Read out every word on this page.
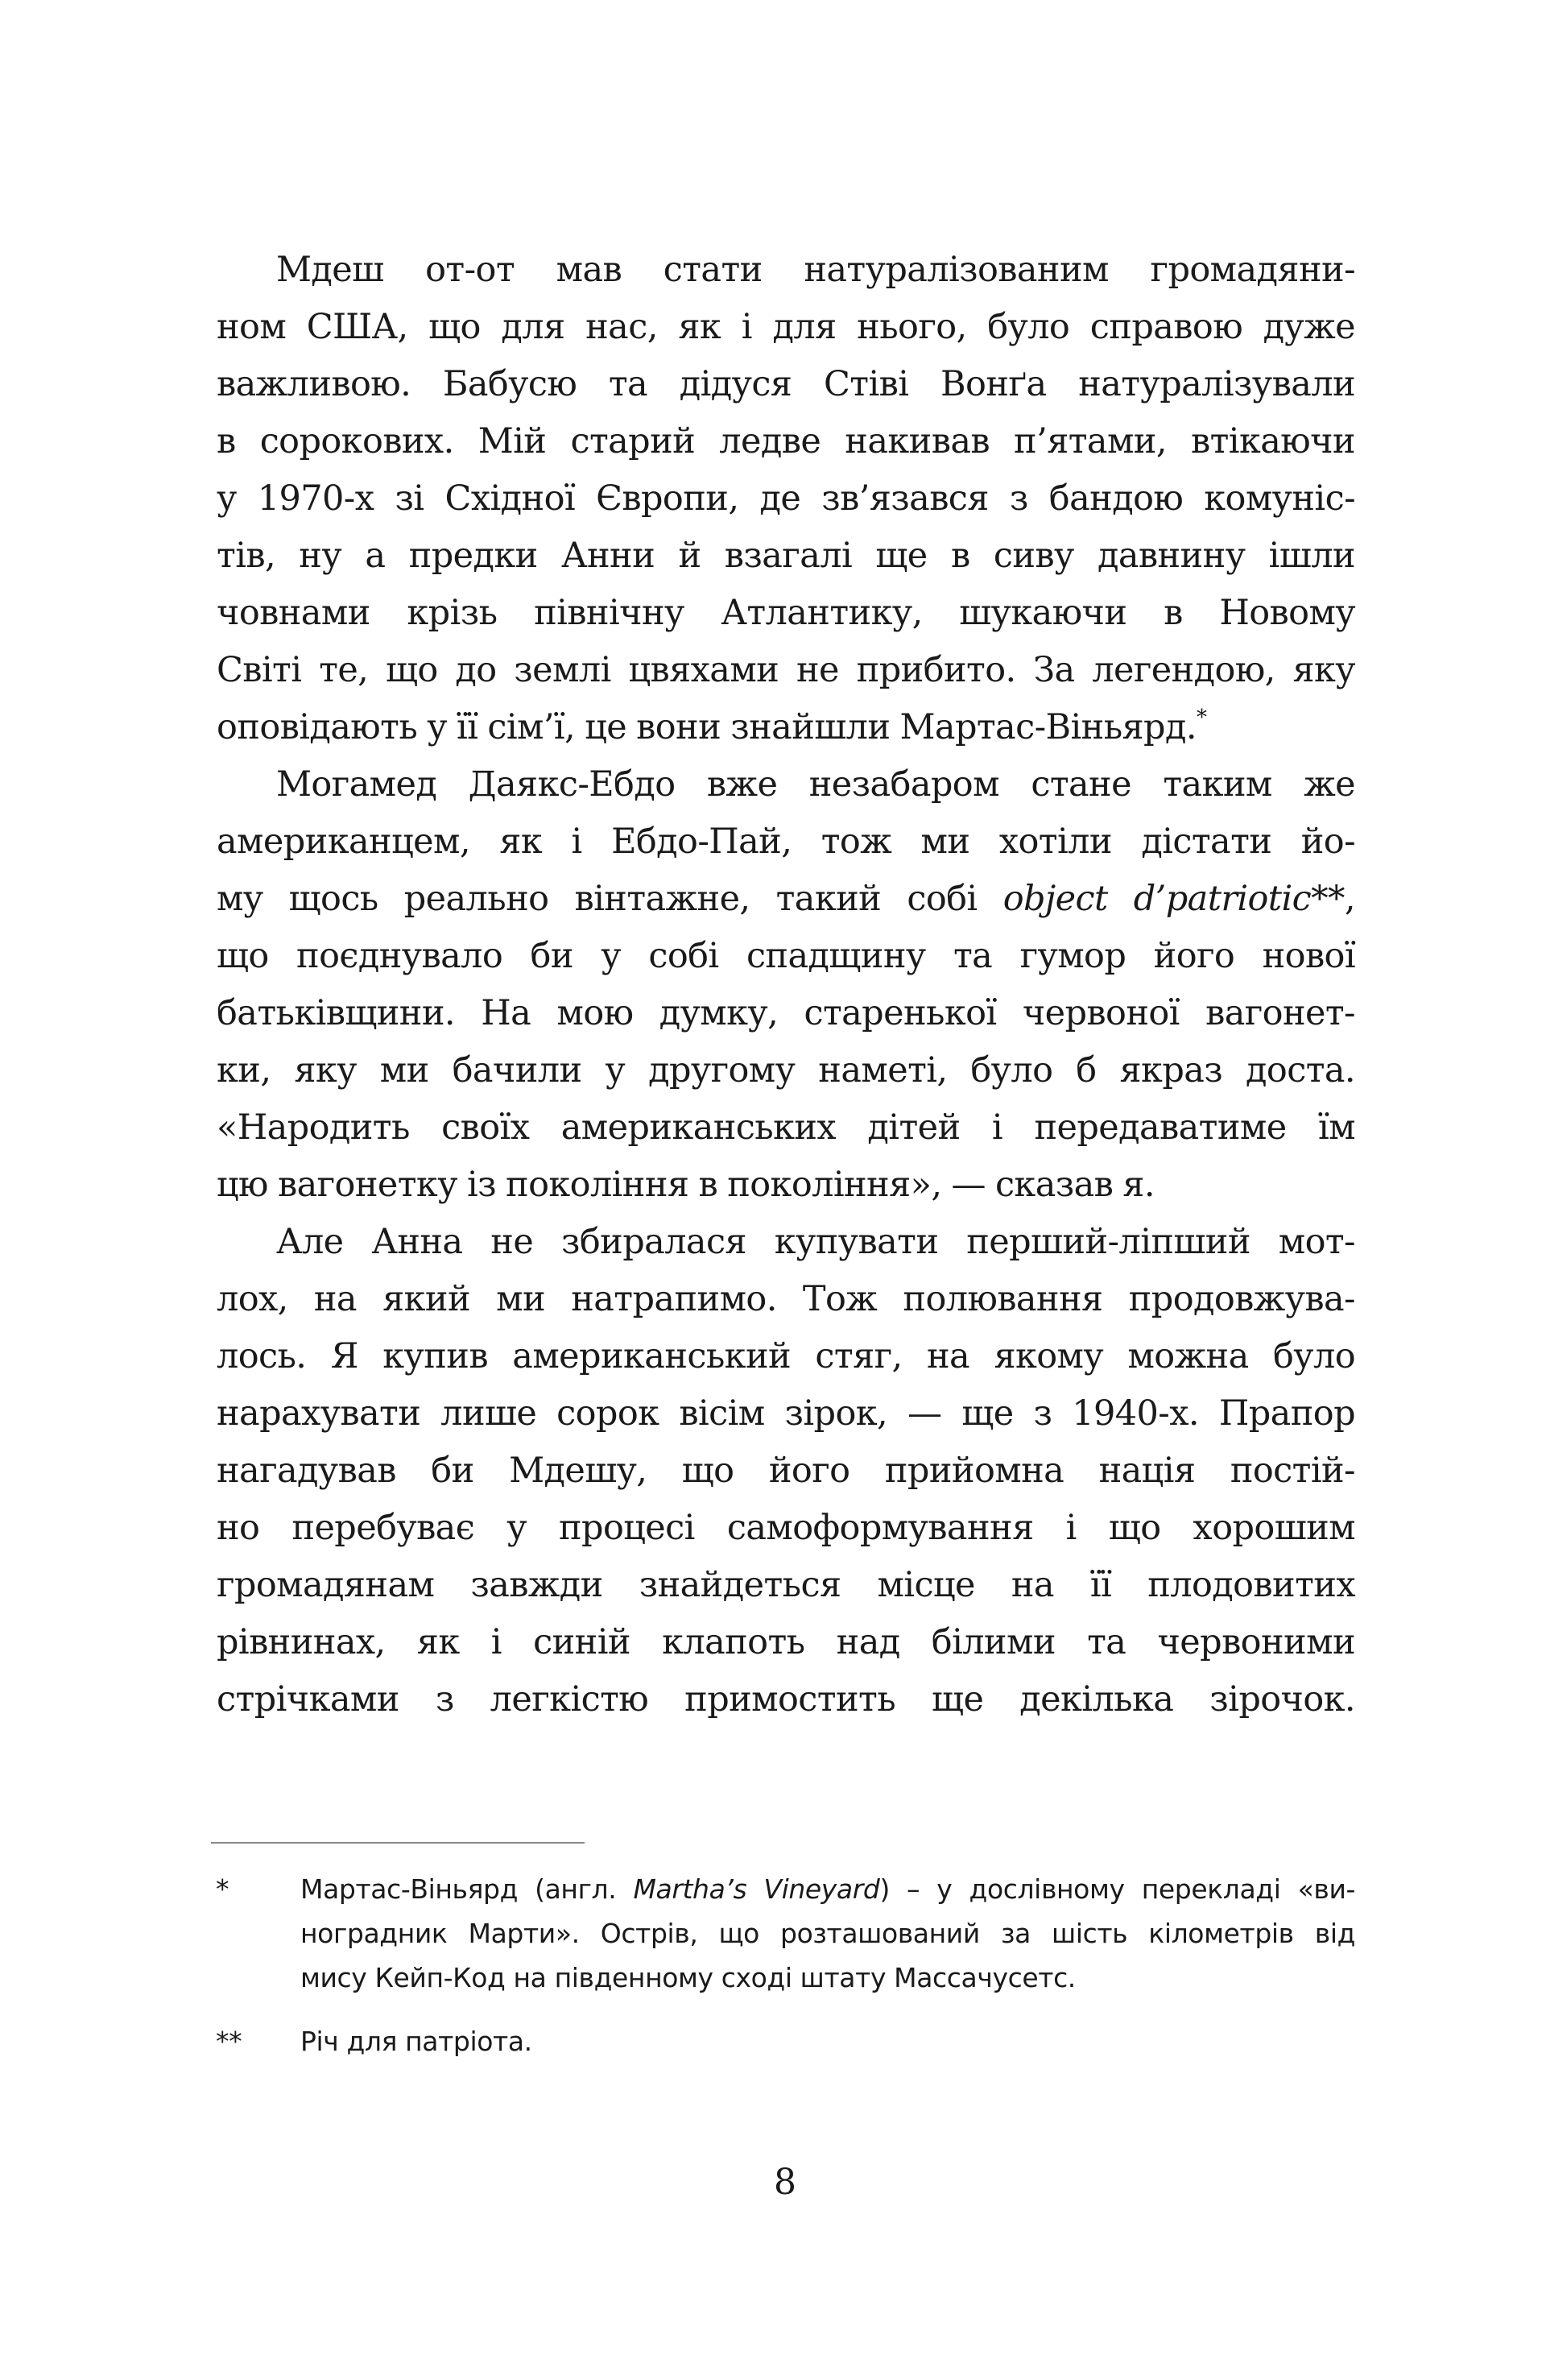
Мдеш от-от мав стати натуралізованим громадяни-
ном США, що для нас, як і для нього, було справою дуже
важливою. Бабусю та дідуся Стіві Вонґа натуралізували
в сорокових. Мій старий ледве накивав п’ятами, втікаючи
у 1970-х зі Східної Європи, де зв’язався з бандою комуніс-
тів, ну а предки Анни й взагалі ще в сиву давнину ішли
човнами крізь північну Атлантику, шукаючи в Новому
Світі те, що до землі цвяхами не прибито. За легендою, яку
оповідають у її сім’ї, це вони знайшли Мартас-Віньярд.*
Могамед Даякс-Ебдо вже незабаром стане таким же
американцем, як і Ебдо-Пай, тож ми хотіли дістати йо-
му щось реально вінтажне, такий собі object d’patriotic**,
що поєднувало би у собі спадщину та гумор його нової
батьківщини. На мою думку, старенької червоної вагонет-
ки, яку ми бачили у другому наметі, було б якраз доста.
«Народить своїх американських дітей і передаватиме їм
цю вагонетку із покоління в покоління», — сказав я.
Але Анна не збиралася купувати перший-ліпший мот-
лох, на який ми натрапимо. Тож полювання продовжува-
лось. Я купив американський стяг, на якому можна було
нарахувати лише сорок вісім зірок, — ще з 1940-х. Прапор
нагадував би Мдешу, що його прийомна нація постій-
но перебуває у процесі самоформування і що хорошим
громадянам завжди знайдеться місце на її плодовитих
рівнинах, як і синій клапоть над білими та червоними
стрічками з легкістю примостить ще декілька зірочок.
*	Мартас-Віньярд (англ. Martha’s Vineyard) – у дослівному перекладі «ви-
ноградник Марти». Острів, що розташований за шість кілометрів від
мису Кейп-Код на південному сході штату Массачусетс.
**	Річ для патріота.
8
